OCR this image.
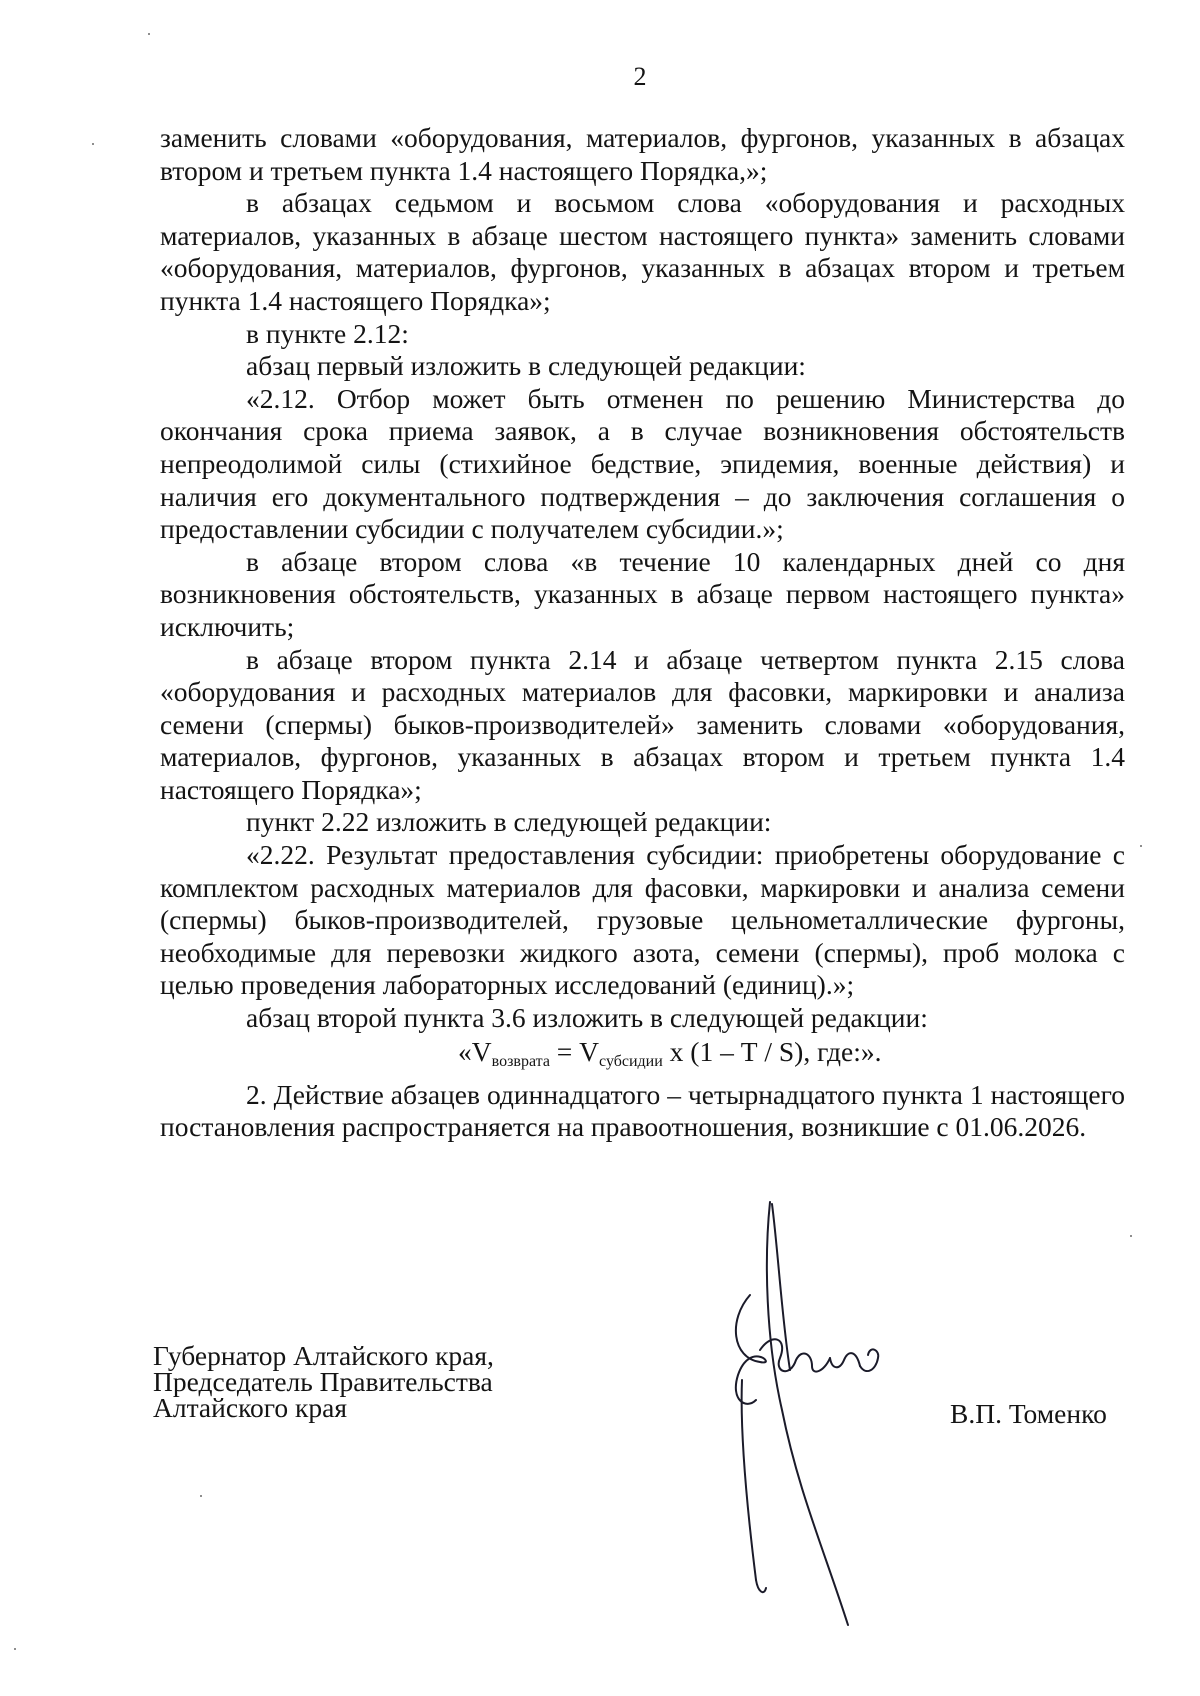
2

заменить словами «оборудования, материалов, фургонов, указанных в абзацах втором и третьем пункта 1.4 настоящего Порядка,»;

в абзацах седьмом и восьмом слова «оборудования и расходных материалов, указанных в абзаце шестом настоящего пункта» заменить словами «оборудования, материалов, фургонов, указанных в абзацах втором и третьем пункта 1.4 настоящего Порядка»;

в пункте 2.12:

абзац первый изложить в следующей редакции:

«2.12. Отбор может быть отменен по решению Министерства до окончания срока приема заявок, а в случае возникновения обстоятельств непреодолимой силы (стихийное бедствие, эпидемия, военные действия) и наличия его документального подтверждения – до заключения соглашения о предоставлении субсидии с получателем субсидии.»;

в абзаце втором слова «в течение 10 календарных дней со дня возникновения обстоятельств, указанных в абзаце первом настоящего пункта» исключить;

в абзаце втором пункта 2.14 и абзаце четвертом пункта 2.15 слова «оборудования и расходных материалов для фасовки, маркировки и анализа семени (спермы) быков-производителей» заменить словами «оборудования, материалов, фургонов, указанных в абзацах втором и третьем пункта 1.4 настоящего Порядка»;

пункт 2.22 изложить в следующей редакции:

«2.22. Результат предоставления субсидии: приобретены оборудование с комплектом расходных материалов для фасовки, маркировки и анализа семени (спермы) быков-производителей, грузовые цельнометаллические фургоны, необходимые для перевозки жидкого азота, семени (спермы), проб молока с целью проведения лабораторных исследований (единиц).»;

абзац второй пункта 3.6 изложить в следующей редакции:

«$V_{возврата} = V_{субсидии}$ х (1 – Т / S), где:».

2. Действие абзацев одиннадцатого – четырнадцатого пункта 1 настоящего постановления распространяется на правоотношения, возникшие с 01.06.2026.

Губернатор Алтайского края,
Председатель Правительства
Алтайского края	В.П. Томенко
